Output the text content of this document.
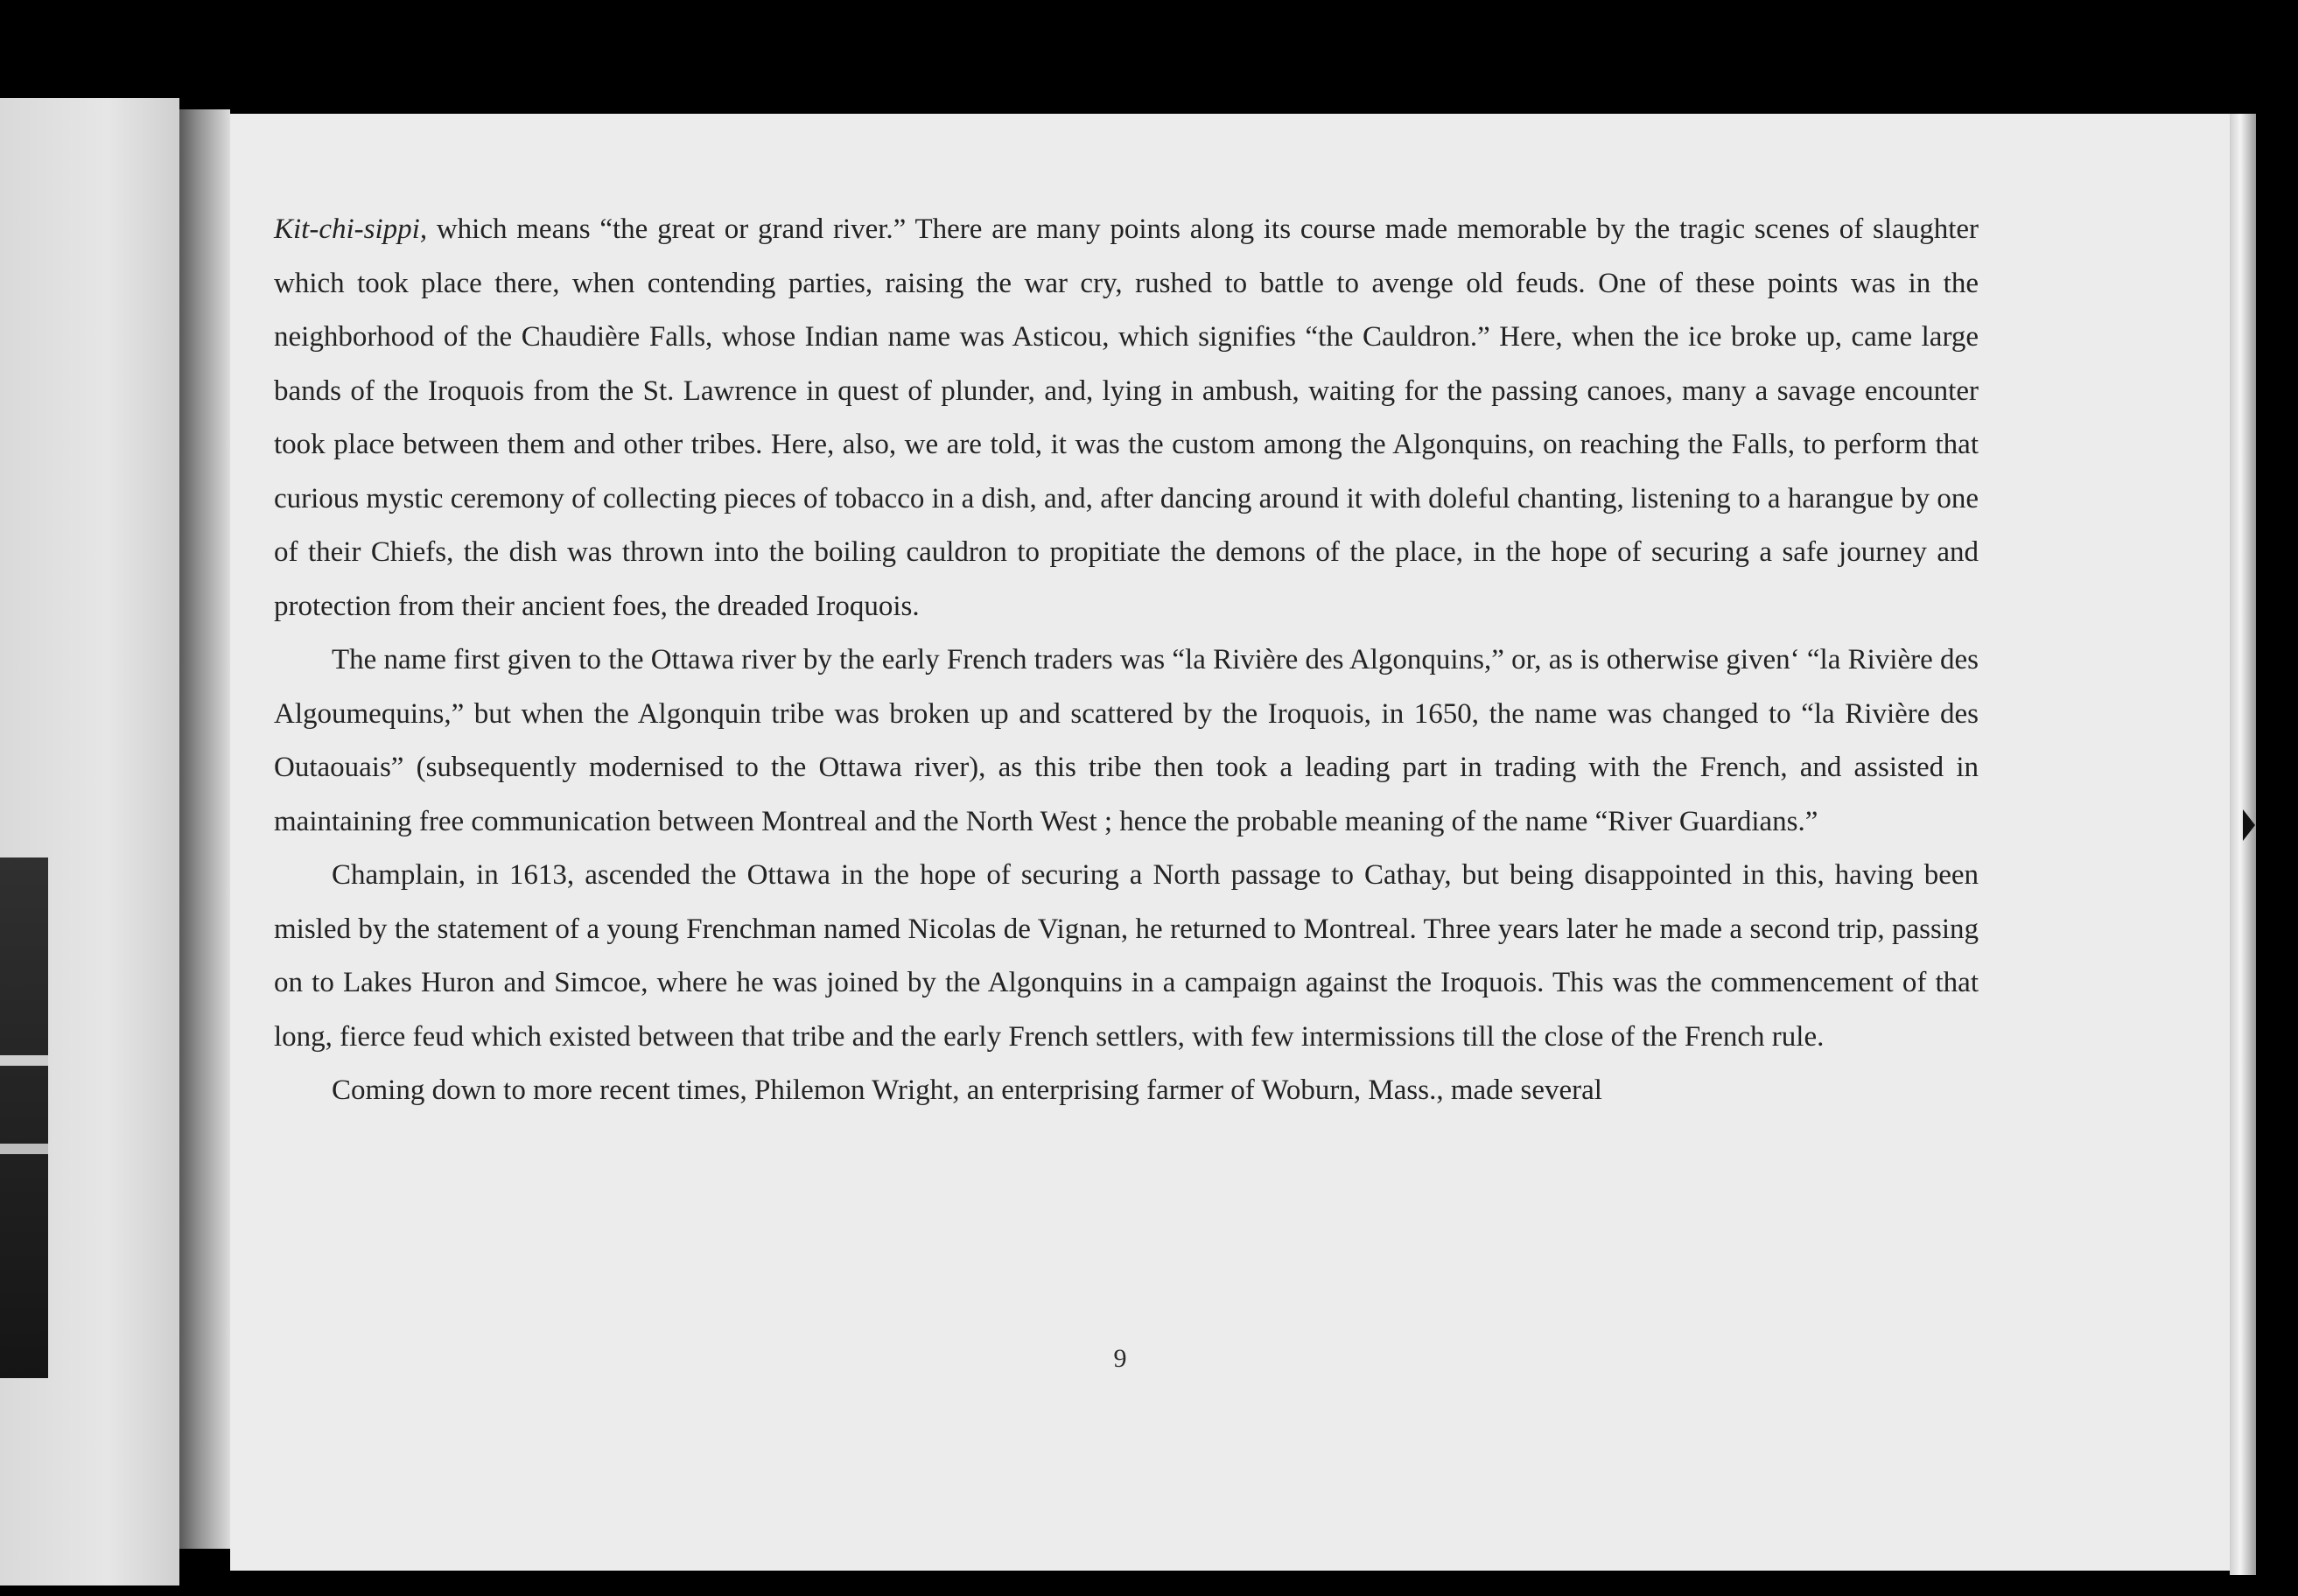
Kit-chi-sippi, which means “the great or grand river.” There are many points along its course made memorable by the tragic scenes of slaughter which took place there, when contending parties, raising the war cry, rushed to battle to avenge old feuds. One of these points was in the neighborhood of the Chaudière Falls, whose Indian name was Asticou, which signifies “the Cauldron.” Here, when the ice broke up, came large bands of the Iroquois from the St. Lawrence in quest of plunder, and, lying in ambush, waiting for the passing canoes, many a savage encounter took place between them and other tribes. Here, also, we are told, it was the custom among the Algonquins, on reaching the Falls, to perform that curious mystic ceremony of collecting pieces of tobacco in a dish, and, after dancing around it with doleful chanting, listening to a harangue by one of their Chiefs, the dish was thrown into the boiling cauldron to propitiate the demons of the place, in the hope of securing a safe journey and protection from their ancient foes, the dreaded Iroquois.

The name first given to the Ottawa river by the early French traders was “la Rivière des Algonquins,” or, as is otherwise given‘ “la Rivière des Algoumequins,” but when the Algonquin tribe was broken up and scattered by the Iroquois, in 1650, the name was changed to “la Rivière des Outaouais” (subsequently modernised to the Ottawa river), as this tribe then took a leading part in trading with the French, and assisted in maintaining free communication between Montreal and the North West ; hence the probable meaning of the name “River Guardians.”

Champlain, in 1613, ascended the Ottawa in the hope of securing a North passage to Cathay, but being disappointed in this, having been misled by the statement of a young Frenchman named Nicolas de Vignan, he returned to Montreal. Three years later he made a second trip, passing on to Lakes Huron and Simcoe, where he was joined by the Algonquins in a campaign against the Iroquois. This was the commencement of that long, fierce feud which existed between that tribe and the early French settlers, with few intermissions till the close of the French rule.

Coming down to more recent times, Philemon Wright, an enterprising farmer of Woburn, Mass., made several

9
